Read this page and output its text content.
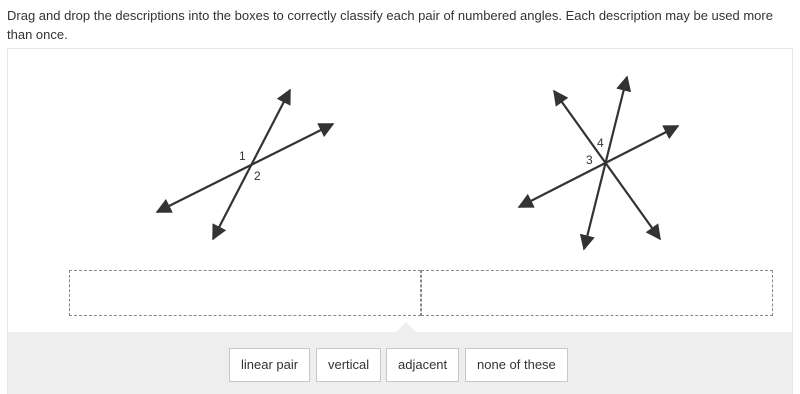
Drag and drop the descriptions into the boxes to correctly classify each pair of numbered angles. Each description may be used more than once.
1
2
4
3
linear pair	vertical	adjacent	none of these
